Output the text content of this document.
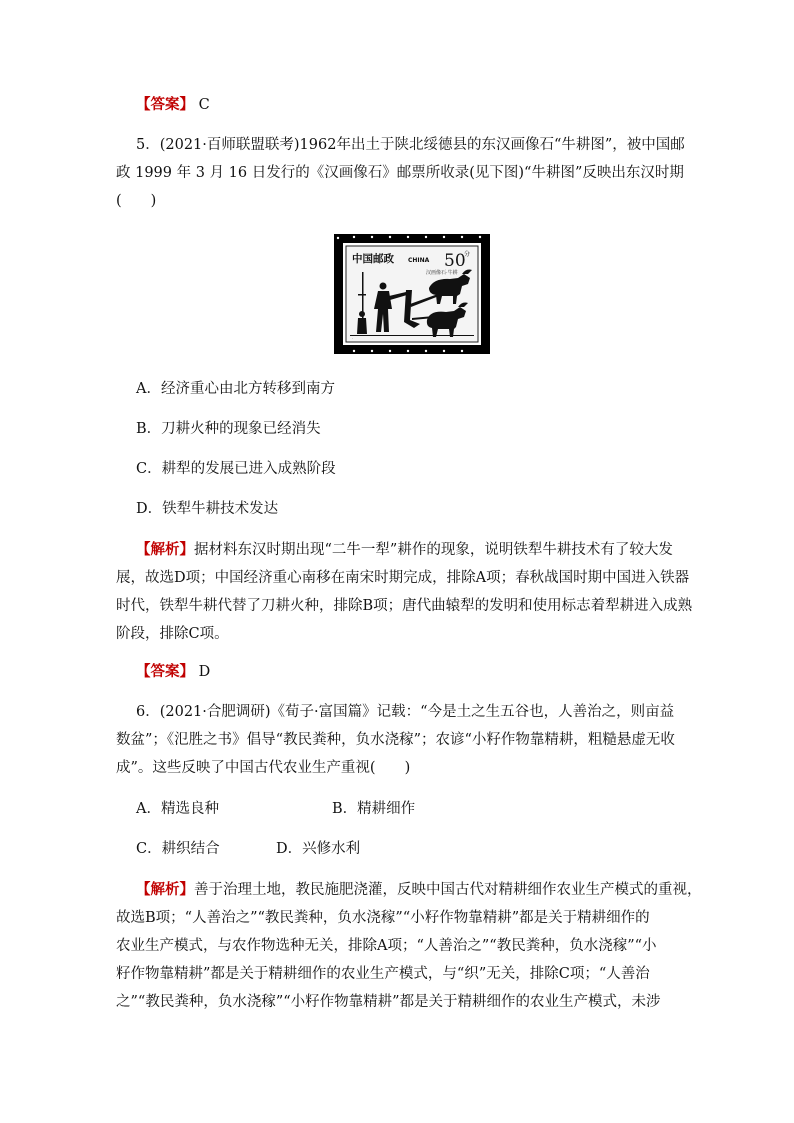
【答案】 C
5．(2021·百师联盟联考)1962年出土于陕北绥德县的东汉画像石“牛耕图”，被中国邮
政 1999 年 3 月 16 日发行的《汉画像石》邮票所收录(见下图)“牛耕图”反映出东汉时期
(　　)
中国邮政 CHINA 50
分
汉画像石·牛耕
·
A．经济重心由北方转移到南方
B．刀耕火种的现象已经消失
C．耕犁的发展已进入成熟阶段
D．铁犁牛耕技术发达
【解析】据材料东汉时期出现“二牛一犁”耕作的现象，说明铁犁牛耕技术有了较大发
展，故选D项；中国经济重心南移在南宋时期完成，排除A项；春秋战国时期中国进入铁器
时代，铁犁牛耕代替了刀耕火种，排除B项；唐代曲辕犁的发明和使用标志着犁耕进入成熟
阶段，排除C项。
【答案】 D
6．(2021·合肥调研)《荀子·富国篇》记载：“今是土之生五谷也，人善治之，则亩益
数盆”；《氾胜之书》倡导“教民粪种，负水浇稼”；农谚“小籽作物靠精耕，粗糙悬虚无收
成”。这些反映了中国古代农业生产重视(　　)
A．精选良种	B．精耕细作
C．耕织结合	D．兴修水利
【解析】善于治理土地，教民施肥浇灌，反映中国古代对精耕细作农业生产模式的重视，
故选B项；“人善治之”“教民粪种，负水浇稼”“小籽作物靠精耕”都是关于精耕细作的
农业生产模式，与农作物选种无关，排除A项；“人善治之”“教民粪种，负水浇稼”“小
籽作物靠精耕”都是关于精耕细作的农业生产模式，与“织”无关，排除C项；“人善治
之”“教民粪种，负水浇稼”“小籽作物靠精耕”都是关于精耕细作的农业生产模式，未涉
